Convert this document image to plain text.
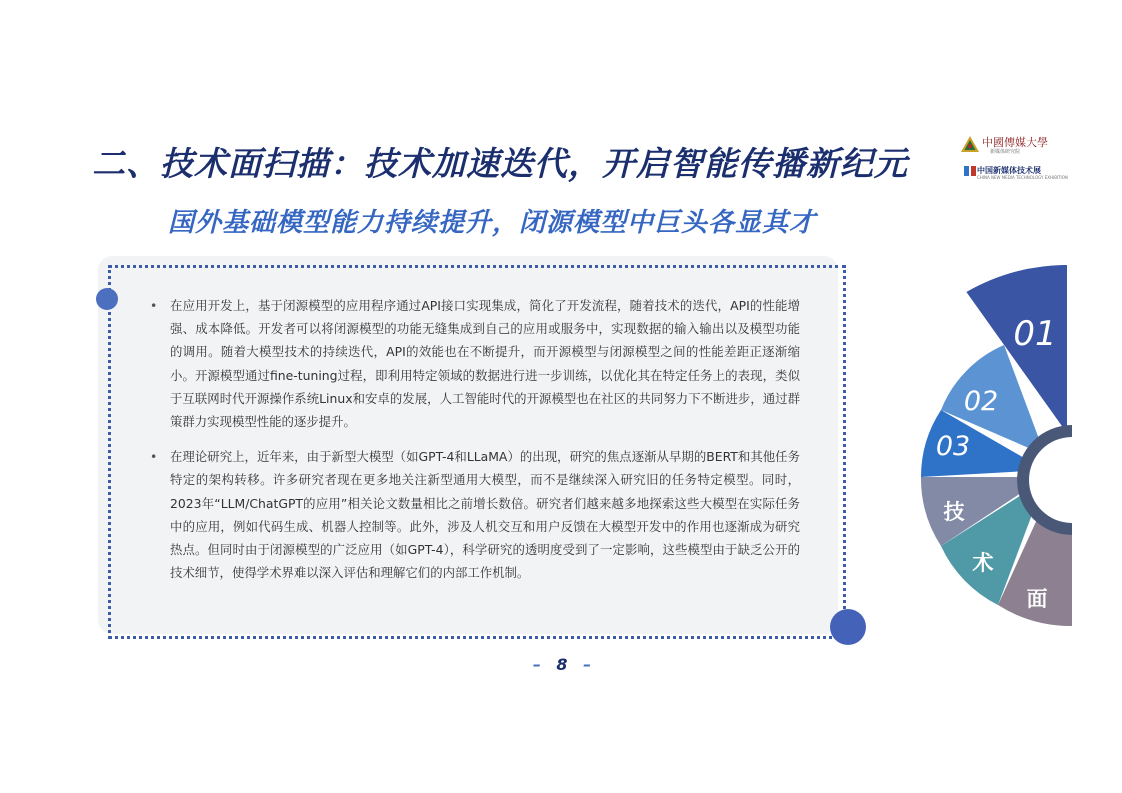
二、技术面扫描：技术加速迭代，开启智能传播新纪元
国外基础模型能力持续提升，闭源模型中巨头各显其才
中國傳媒大學
新媒体研究院
中国新媒体技术展
CHINA NEW MEDIA TECHNOLOGY EXHIBITION
• 在应用开发上，基于闭源模型的应用程序通过API接口实现集成，简化了开发流程，随着技术的迭代，API的性能增强、成本降低。开发者可以将闭源模型的功能无缝集成到自己的应用或服务中，实现数据的输入输出以及模型功能的调用。随着大模型技术的持续迭代，API的效能也在不断提升，而开源模型与闭源模型之间的性能差距正逐渐缩小。开源模型通过fine-tuning过程，即利用特定领域的数据进行进一步训练，以优化其在特定任务上的表现，类似于互联网时代开源操作系统Linux和安卓的发展，人工智能时代的开源模型也在社区的共同努力下不断进步，通过群策群力实现模型性能的逐步提升。
• 在理论研究上，近年来，由于新型大模型（如GPT-4和LLaMA）的出现，研究的焦点逐渐从早期的BERT和其他任务特定的架构转移。许多研究者现在更多地关注新型通用大模型，而不是继续深入研究旧的任务特定模型。同时，2023年“LLM/ChatGPT的应用”相关论文数量相比之前增长数倍。研究者们越来越多地探索这些大模型在实际任务中的应用，例如代码生成、机器人控制等。此外，涉及人机交互和用户反馈在大模型开发中的作用也逐渐成为研究热点。但同时由于闭源模型的广泛应用（如GPT-4），科学研究的透明度受到了一定影响，这些模型由于缺乏公开的技术细节，使得学术界难以深入评估和理解它们的内部工作机制。
– 8 –
01
02
03
技
术
面
